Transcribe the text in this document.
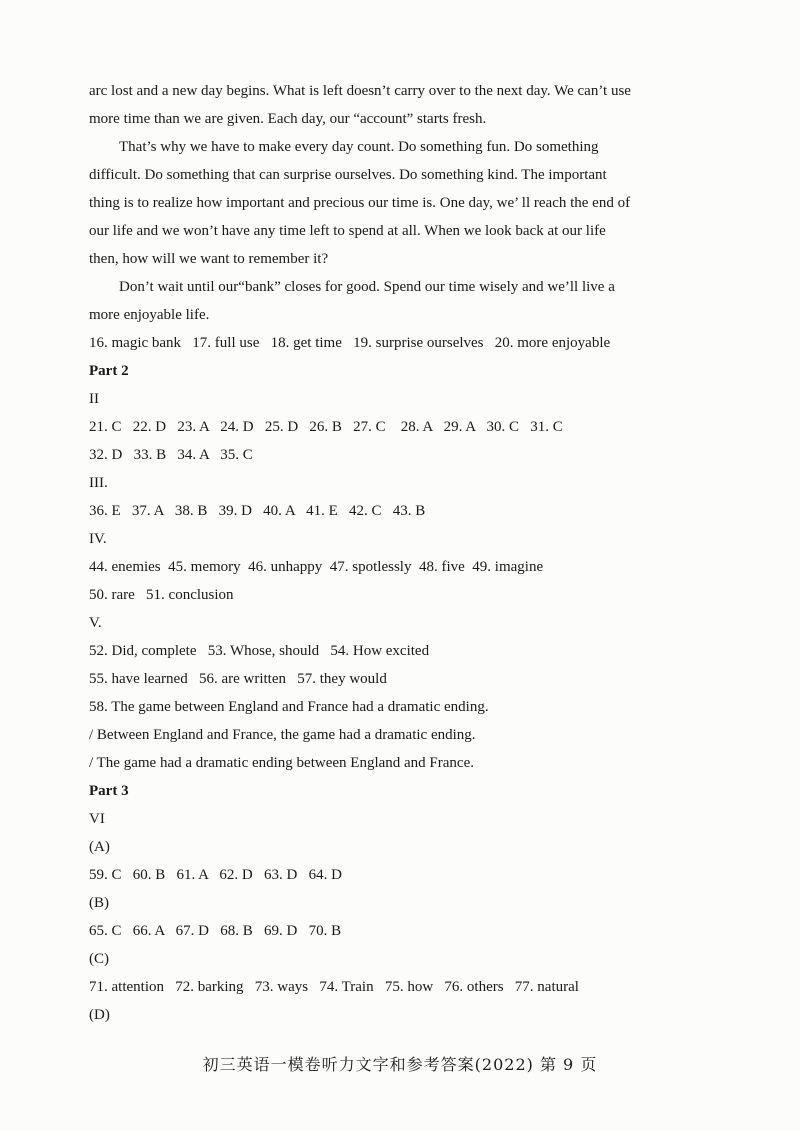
arc lost and a new day begins. What is left doesn’t carry over to the next day. We can’t use
more time than we are given. Each day, our “account” starts fresh.
That’s why we have to make every day count. Do something fun. Do something
difficult. Do something that can surprise ourselves. Do something kind. The important
thing is to realize how important and precious our time is. One day, we’ ll reach the end of
our life and we won’t have any time left to spend at all. When we look back at our life
then, how will we want to remember it?
Don’t wait until our“bank” closes for good. Spend our time wisely and we’ll live a
more enjoyable life.
16. magic bank   17. full use   18. get time   19. surprise ourselves   20. more enjoyable
Part 2
II
21. C   22. D   23. A   24. D   25. D   26. B   27. C    28. A   29. A   30. C   31. C
32. D   33. B   34. A   35. C
III.
36. E   37. A   38. B   39. D   40. A   41. E   42. C   43. B
IV.
44. enemies  45. memory  46. unhappy  47. spotlessly  48. five  49. imagine
50. rare   51. conclusion
V.
52. Did, complete   53. Whose, should   54. How excited
55. have learned   56. are written   57. they would
58. The game between England and France had a dramatic ending.
/ Between England and France, the game had a dramatic ending.
/ The game had a dramatic ending between England and France.
Part 3
VI
(A)
59. C   60. B   61. A   62. D   63. D   64. D
(B)
65. C   66. A   67. D   68. B   69. D   70. B
(C)
71. attention   72. barking   73. ways   74. Train   75. how   76. others   77. natural
(D)
初三英语一模卷听力文字和参考答案(2022) 第 9 页
